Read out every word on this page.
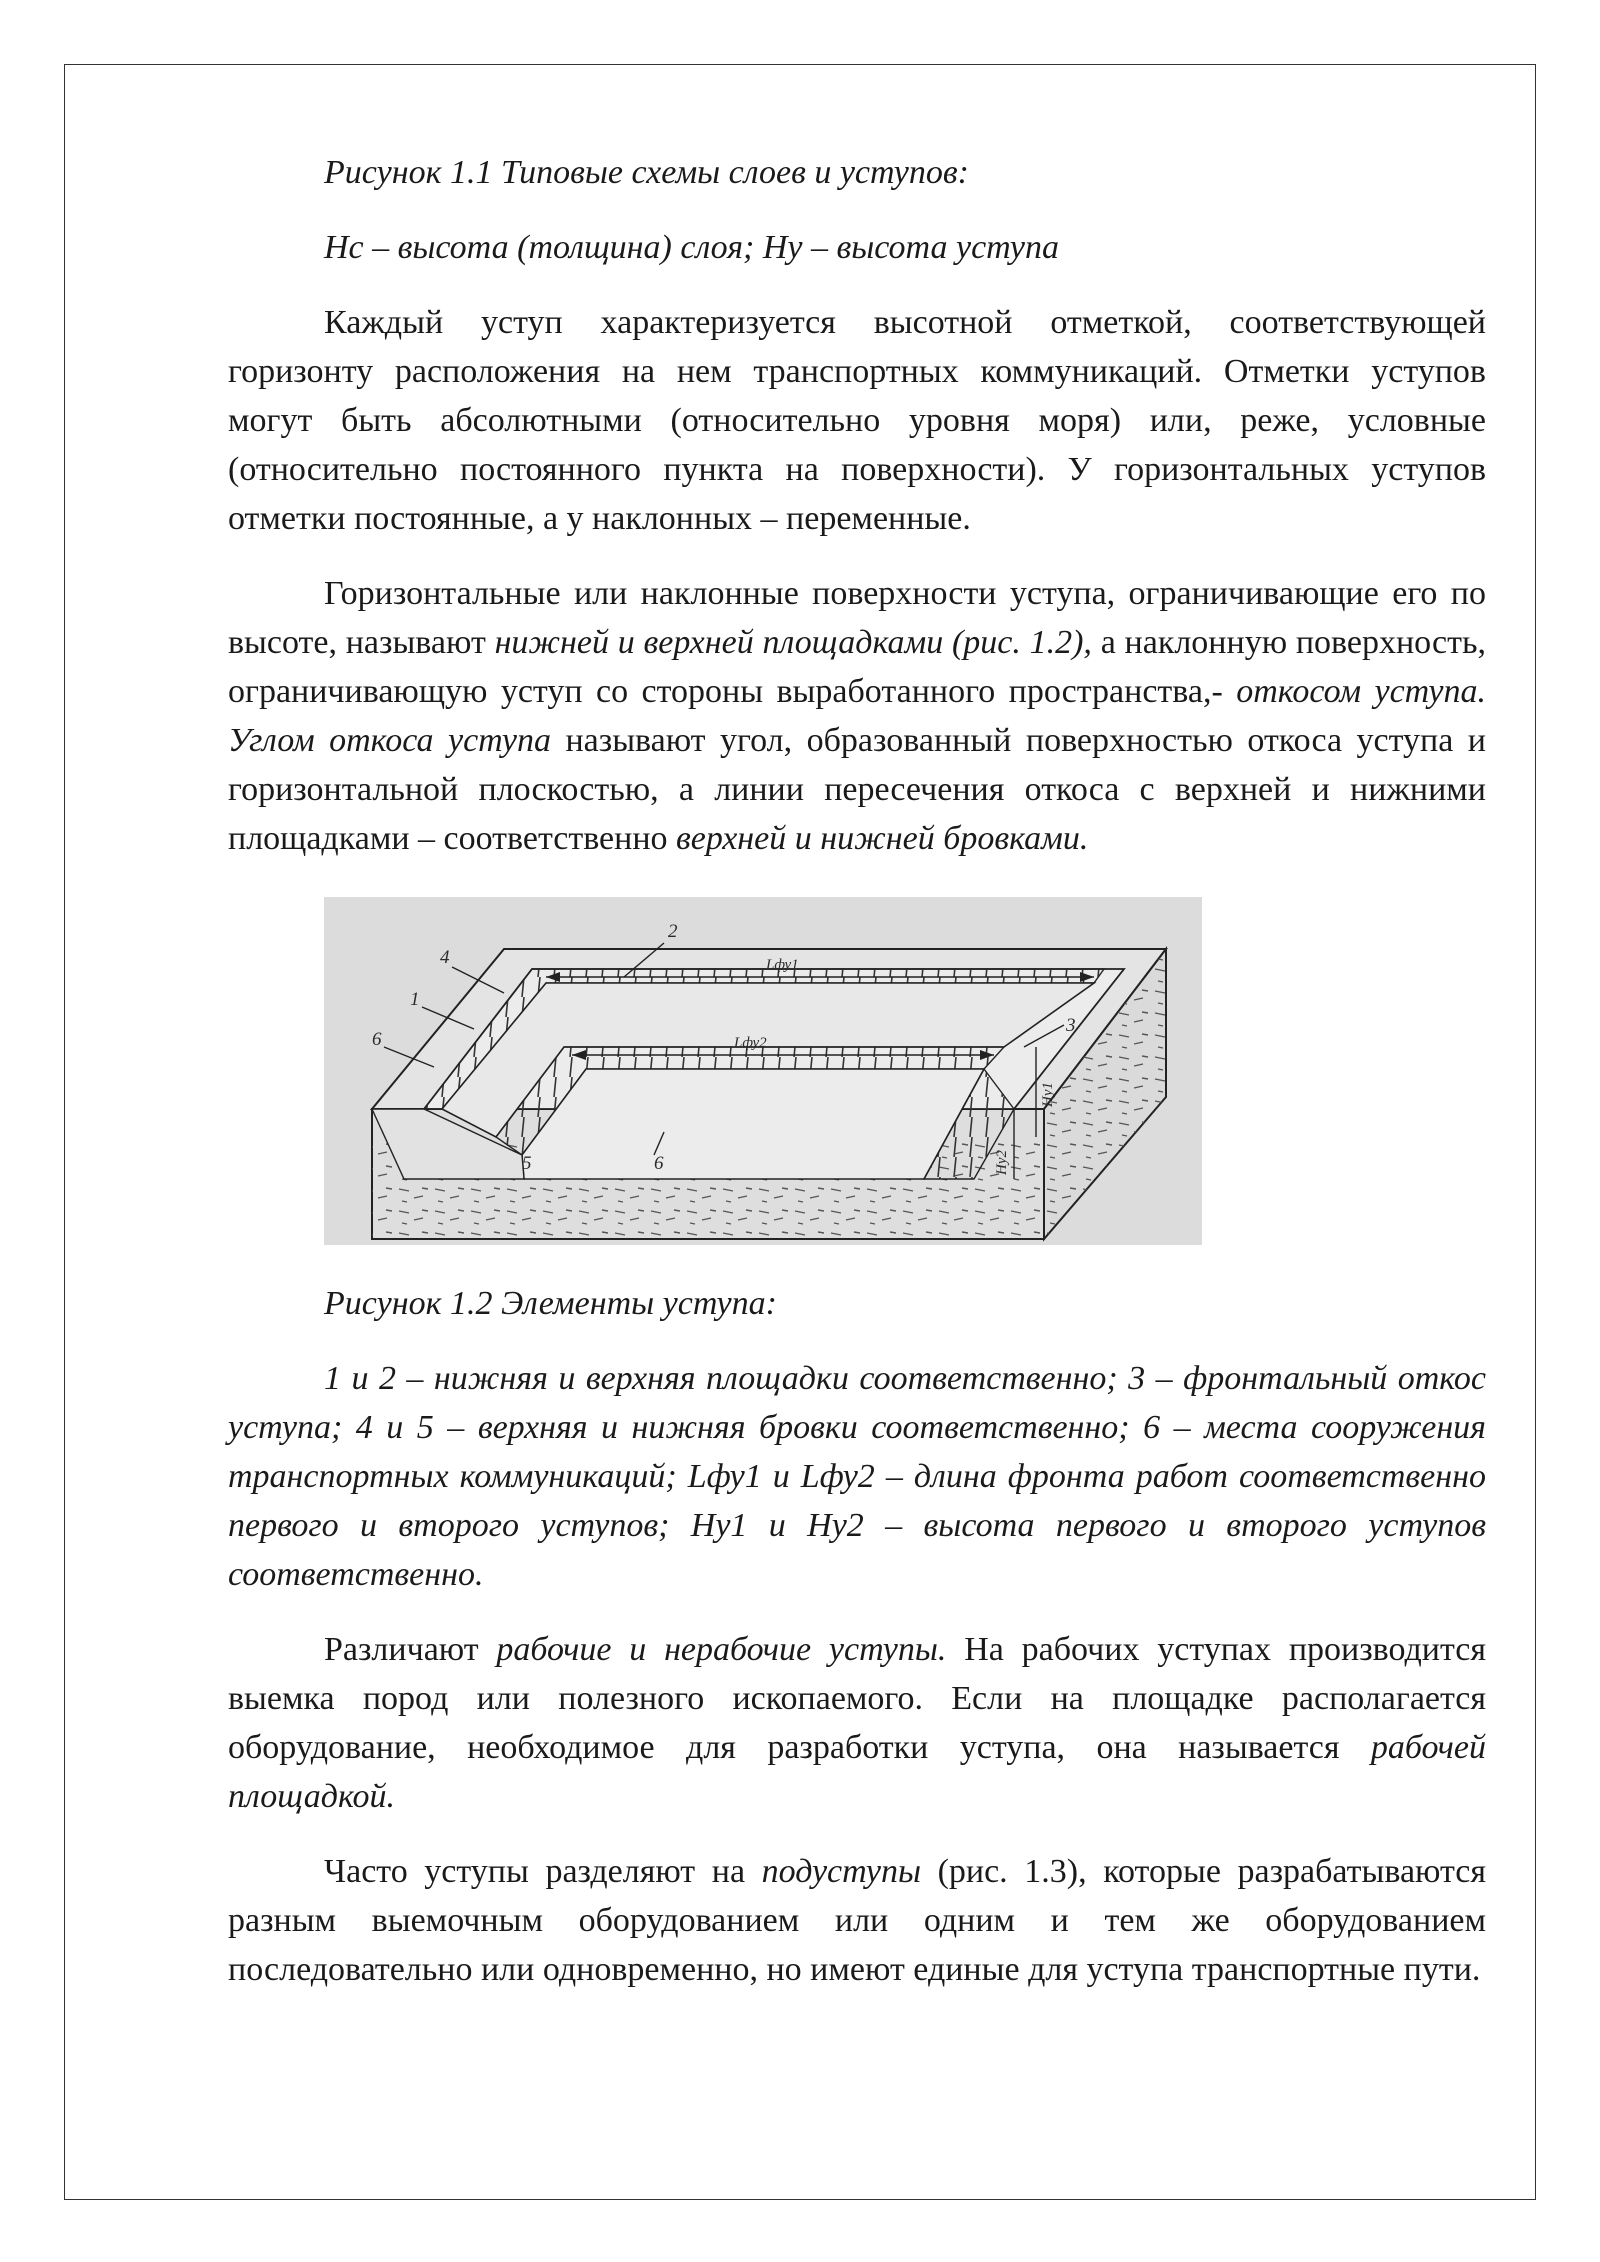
Рисунок 1.1 Типовые схемы слоев и уступов:

Нс – высота (толщина) слоя; Ну – высота уступа

Каждый уступ характеризуется высотной отметкой, соответствующей горизонту расположения на нем транспортных коммуникаций. Отметки уступов могут быть абсолютными (относительно уровня моря) или, реже, условные (относительно постоянного пункта на поверхности). У горизонтальных уступов отметки постоянные, а у наклонных – переменные.

Горизонтальные или наклонные поверхности уступа, ограничивающие его по высоте, называют нижней и верхней площадками (рис. 1.2), а наклонную поверхность, ограничивающую уступ со стороны выработанного пространства,- откосом уступа. Углом откоса уступа называют угол, образованный поверхностью откоса уступа и горизонтальной плоскостью, а линии пересечения откоса с верхней и нижними площадками – соответственно верхней и нижней бровками.

2
4
1
6
3
5	6
Lфу1
Lфу2
Hу1
Hу2

Рисунок 1.2 Элементы уступа:

1 и 2 – нижняя и верхняя площадки соответственно; 3 – фронтальный откос уступа; 4 и 5 – верхняя и нижняя бровки соответственно; 6 – места сооружения транспортных коммуникаций; Lфу1 и Lфу2 – длина фронта работ соответственно первого и второго уступов; Hу1 и Hу2 – высота первого и второго уступов соответственно.

Различают рабочие и нерабочие уступы. На рабочих уступах производится выемка пород или полезного ископаемого. Если на площадке располагается оборудование, необходимое для разработки уступа, она называется рабочей площадкой.

Часто уступы разделяют на подуступы (рис. 1.3), которые разрабатываются разным выемочным оборудованием или одним и тем же оборудованием последовательно или одновременно, но имеют единые для уступа транспортные пути.
